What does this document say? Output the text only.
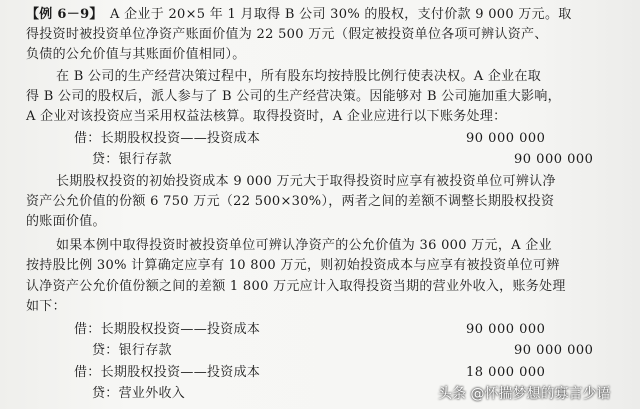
【例 6－9】 A 企业于 20×5 年 1 月取得 B 公司 30% 的股权，支付价款 9 000 万元。取
得投资时被投资单位净资产账面价值为 22 500 万元（假定被投资单位各项可辨认资产、
负债的公允价值与其账面价值相同）。
在 B 公司的生产经营决策过程中，所有股东均按持股比例行使表决权。A 企业在取
得 B 公司的股权后，派人参与了 B 公司的生产经营决策。因能够对 B 公司施加重大影响，
A 企业对该投资应当采用权益法核算。取得投资时，A 企业应进行以下账务处理：
借：长期股权投资——投资成本	90 000 000
贷：银行存款	90 000 000
长期股权投资的初始投资成本 9 000 万元大于取得投资时应享有被投资单位可辨认净
资产公允价值的份额 6 750 万元（22 500×30%），两者之间的差额不调整长期股权投资
的账面价值。
如果本例中取得投资时被投资单位可辨认净资产的公允价值为 36 000 万元，A 企业
按持股比例 30% 计算确定应享有 10 800 万元，则初始投资成本与应享有被投资单位可辨
认净资产公允价值份额之间的差额 1 800 万元应计入取得投资当期的营业外收入，账务处理
如下：
借：长期股权投资——投资成本	90 000 000
贷：银行存款	90 000 000
借：长期股权投资——投资成本	18 000 000
贷：营业外收入	头条 @怀揣梦想的寡言少语
